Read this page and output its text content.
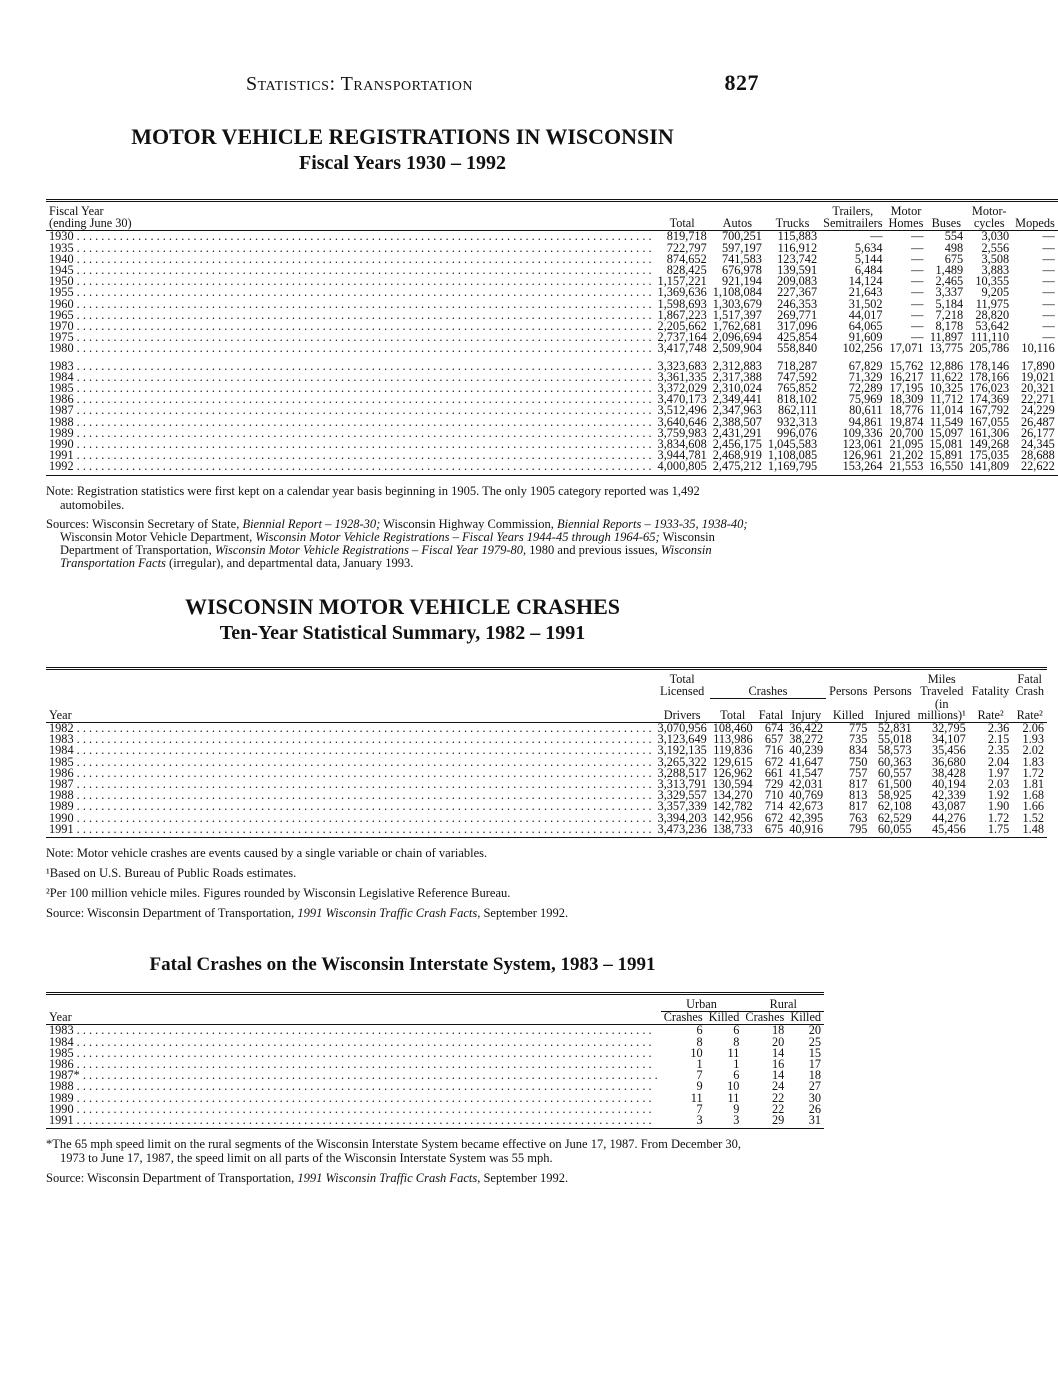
Statistics: Transportation	827
MOTOR VEHICLE REGISTRATIONS IN WISCONSIN
Fiscal Years 1930 – 1992
Fiscal Year				Trailers,	Motor		Motor-	
(ending June 30)	Total	Autos	Trucks	Semitrailers	Homes	Buses	cycles	Mopeds
1930 . . .	819,718	700,251	115,883	—	—	554	3,030	—
1935 . . .	722,797	597,197	116,912	5,634	—	498	2,556	—
1940 . . .	874,652	741,583	123,742	5,144	—	675	3,508	—
1945 . . .	828,425	676,978	139,591	6,484	—	1,489	3,883	—
1950 . . .	1,157,221	921,194	209,083	14,124	—	2,465	10,355	—
1955 . . .	1,369,636	1,108,084	227,367	21,643	—	3,337	9,205	—
1960 . . .	1,598,693	1,303,679	246,353	31,502	—	5,184	11,975	—
1965 . . .	1,867,223	1,517,397	269,771	44,017	—	7,218	28,820	—
1970 . . .	2,205,662	1,762,681	317,096	64,065	—	8,178	53,642	—
1975 . . .	2,737,164	2,096,694	425,854	91,609	—	11,897	111,110	—
1980 . . .	3,417,748	2,509,904	558,840	102,256	17,071	13,775	205,786	10,116
1983 . . .	3,323,683	2,312,883	718,287	67,829	15,762	12,886	178,146	17,890
1984 . . .	3,361,335	2,317,388	747,592	71,329	16,217	11,622	178,166	19,021
1985 . . .	3,372,029	2,310,024	765,852	72,289	17,195	10,325	176,023	20,321
1986 . . .	3,470,173	2,349,441	818,102	75,969	18,309	11,712	174,369	22,271
1987 . . .	3,512,496	2,347,963	862,111	80,611	18,776	11,014	167,792	24,229
1988 . . .	3,640,646	2,388,507	932,313	94,861	19,874	11,549	167,055	26,487
1989 . . .	3,759,983	2,431,291	996,076	109,336	20,700	15,097	161,306	26,177
1990 . . .	3,834,608	2,456,175	1,045,583	123,061	21,095	15,081	149,268	24,345
1991 . . .	3,944,781	2,468,919	1,108,085	126,961	21,202	15,891	175,035	28,688
1992 . . .	4,000,805	2,475,212	1,169,795	153,264	21,553	16,550	141,809	22,622
Note: Registration statistics were first kept on a calendar year basis beginning in 1905. The only 1905 category reported was 1,492 automobiles.
Sources: Wisconsin Secretary of State, Biennial Report – 1928-30; Wisconsin Highway Commission, Biennial Reports – 1933-35, 1938-40; Wisconsin Motor Vehicle Department, Wisconsin Motor Vehicle Registrations – Fiscal Years 1944-45 through 1964-65; Wisconsin Department of Transportation, Wisconsin Motor Vehicle Registrations – Fiscal Year 1979-80, 1980 and previous issues, Wisconsin Transportation Facts (irregular), and departmental data, January 1993.
WISCONSIN MOTOR VEHICLE CRASHES
Ten-Year Statistical Summary, 1982 – 1991
	Total						Miles		Fatal
	Licensed	Crashes			Persons	Persons	Traveled	Fatality	Crash
Year	Drivers	Total	Fatal	Injury	Killed	Injured	(in millions)¹	Rate²	Rate²
1982 . . .	3,070,956	108,460	674	36,422	775	52,831	32,795	2.36	2.06
1983 . . .	3,123,649	113,986	657	38,272	735	55,018	34,107	2.15	1.93
1984 . . .	3,192,135	119,836	716	40,239	834	58,573	35,456	2.35	2.02
1985 . . .	3,265,322	129,615	672	41,647	750	60,363	36,680	2.04	1.83
1986 . . .	3,288,517	126,962	661	41,547	757	60,557	38,428	1.97	1.72
1987 . . .	3,313,791	130,594	729	42,031	817	61,500	40,194	2.03	1.81
1988 . . .	3,329,557	134,270	710	40,769	813	58,925	42,339	1.92	1.68
1989 . . .	3,357,339	142,782	714	42,673	817	62,108	43,087	1.90	1.66
1990 . . .	3,394,203	142,956	672	42,395	763	62,529	44,276	1.72	1.52
1991 . . .	3,473,236	138,733	675	40,916	795	60,055	45,456	1.75	1.48
Note: Motor vehicle crashes are events caused by a single variable or chain of variables.
¹Based on U.S. Bureau of Public Roads estimates.
²Per 100 million vehicle miles. Figures rounded by Wisconsin Legislative Reference Bureau.
Source: Wisconsin Department of Transportation, 1991 Wisconsin Traffic Crash Facts, September 1992.
Fatal Crashes on the Wisconsin Interstate System, 1983 – 1991
	Urban		Rural	
Year	Crashes	Killed	Crashes	Killed
1983 . . .	6	6	18	20
1984 . . .	8	8	20	25
1985 . . .	10	11	14	15
1986 . . .	1	1	16	17
1987* . . .	7	6	14	18
1988 . . .	9	10	24	27
1989 . . .	11	11	22	30
1990 . . .	7	9	22	26
1991 . . .	3	3	29	31
*The 65 mph speed limit on the rural segments of the Wisconsin Interstate System became effective on June 17, 1987. From December 30, 1973 to June 17, 1987, the speed limit on all parts of the Wisconsin Interstate System was 55 mph.
Source: Wisconsin Department of Transportation, 1991 Wisconsin Traffic Crash Facts, September 1992.
